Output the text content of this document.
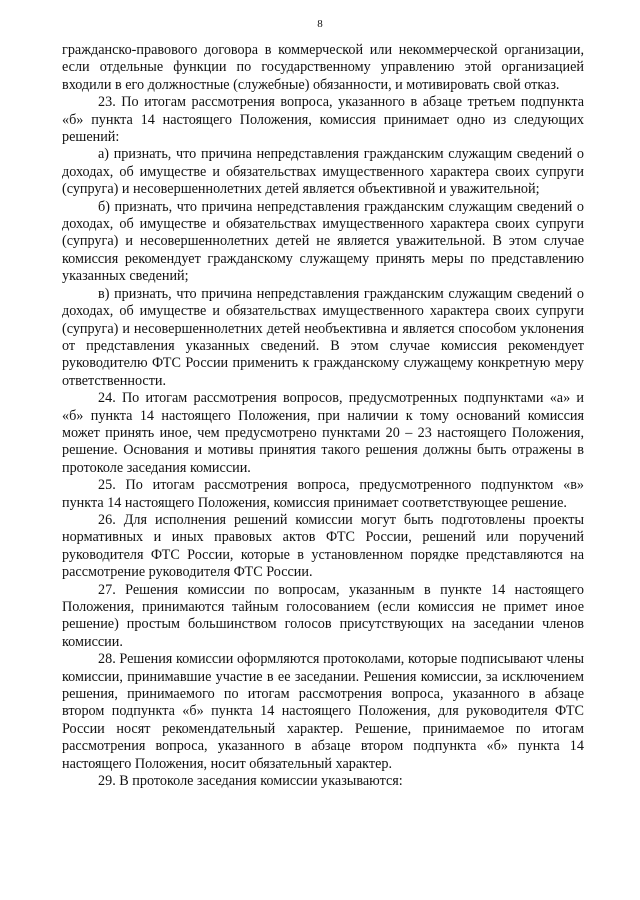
8

гражданско-правового договора в коммерческой или некоммерческой организации, если отдельные функции по государственному управлению этой организацией входили в его должностные (служебные) обязанности, и мотивировать свой отказ.

23. По итогам рассмотрения вопроса, указанного в абзаце третьем подпункта «б» пункта 14 настоящего Положения, комиссия принимает одно из следующих решений:

а) признать, что причина непредставления гражданским служащим сведений о доходах, об имуществе и обязательствах имущественного характера своих супруги (супруга) и несовершеннолетних детей является объективной и уважительной;

б) признать, что причина непредставления гражданским служащим сведений о доходах, об имуществе и обязательствах имущественного характера своих супруги (супруга) и несовершеннолетних детей не является уважительной. В этом случае комиссия рекомендует гражданскому служащему принять меры по представлению указанных сведений;

в) признать, что причина непредставления гражданским служащим сведений о доходах, об имуществе и обязательствах имущественного характера своих супруги (супруга) и несовершеннолетних детей необъективна и является способом уклонения от представления указанных сведений. В этом случае комиссия рекомендует руководителю ФТС России применить к гражданскому служащему конкретную меру ответственности.

24. По итогам рассмотрения вопросов, предусмотренных подпунктами «а» и «б» пункта 14 настоящего Положения, при наличии к тому оснований комиссия может принять иное, чем предусмотрено пунктами 20 – 23 настоящего Положения, решение. Основания и мотивы принятия такого решения должны быть отражены в протоколе заседания комиссии.

25. По итогам рассмотрения вопроса, предусмотренного подпунктом «в» пункта 14 настоящего Положения, комиссия принимает соответствующее решение.

26. Для исполнения решений комиссии могут быть подготовлены проекты нормативных и иных правовых актов ФТС России, решений или поручений руководителя ФТС России, которые в установленном порядке представляются на рассмотрение руководителя ФТС России.

27. Решения комиссии по вопросам, указанным в пункте 14 настоящего Положения, принимаются тайным голосованием (если комиссия не примет иное решение) простым большинством голосов присутствующих на заседании членов комиссии.

28. Решения комиссии оформляются протоколами, которые подписывают члены комиссии, принимавшие участие в ее заседании. Решения комиссии, за исключением решения, принимаемого по итогам рассмотрения вопроса, указанного в абзаце втором подпункта «б» пункта 14 настоящего Положения, для руководителя ФТС России носят рекомендательный характер. Решение, принимаемое по итогам рассмотрения вопроса, указанного в абзаце втором подпункта «б» пункта 14 настоящего Положения, носит обязательный характер.

29. В протоколе заседания комиссии указываются:
